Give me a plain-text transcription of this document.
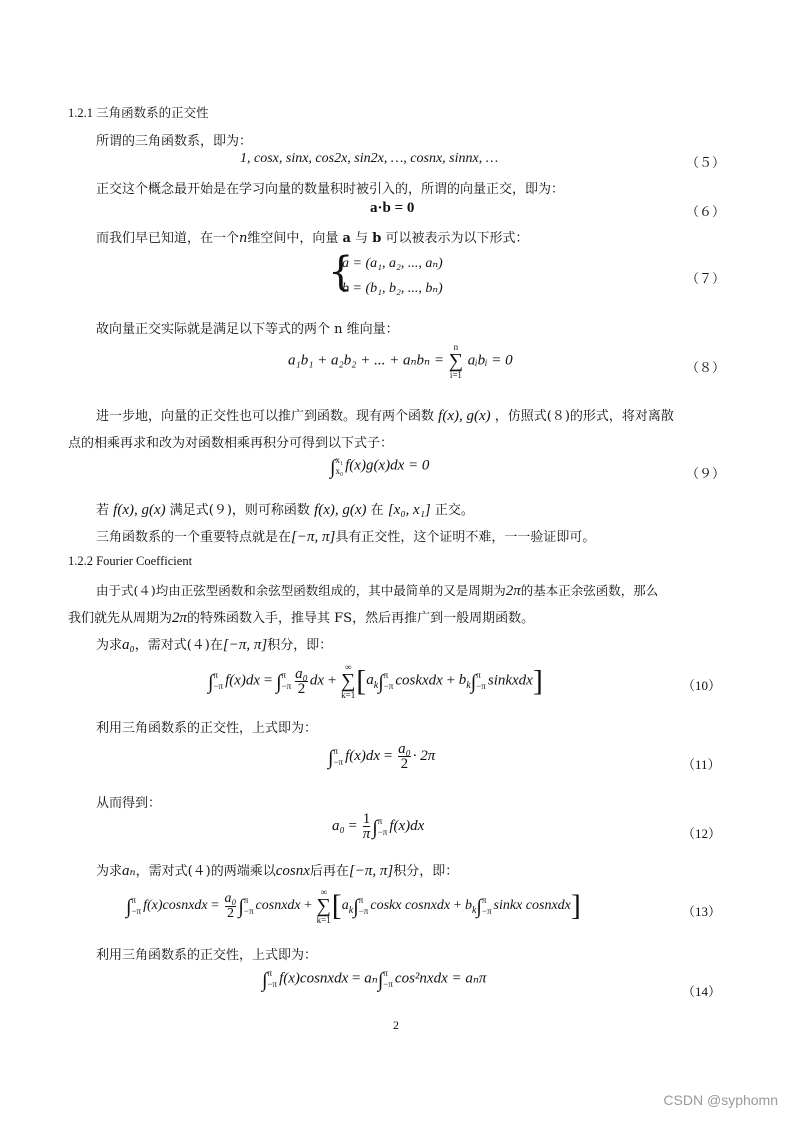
1.2.1 三角函数系的正交性
所谓的三角函数系，即为：
1, cosx, sinx, cos2x, sin2x, …, cosnx, sinnx, …	（５）
正交这个概念最开始是在学习向量的数量积时被引入的，所谓的向量正交，即为：
a·b = 0	（６）
而我们早已知道，在一个n维空间中，向量 a 与 b 可以被表示为以下形式：
{
a = (a₁, a₂, ..., aₙ)
b = (b₁, b₂, ..., bₙ)
（７）
故向量正交实际就是满足以下等式的两个 n 维向量：
a₁b₁ + a₂b₂ + ... + aₙbₙ =
n
∑
i=1
aᵢbᵢ = 0	（８）
进一步地，向量的正交性也可以推广到函数。现有两个函数 f(x), g(x) ，仿照式(８)的形式，将对离散
点的相乘再求和改为对函数相乘再积分可得到以下式子：
∫ x₁
x₀ f(x)g(x)dx = 0
（９）
若 f(x), g(x) 满足式(９)，则可称函数 f(x), g(x) 在 [x₀, x₁] 正交。
三角函数系的一个重要特点就是在[−π, π]具有正交性，这个证明不难，一一验证即可。
1.2.2 Fourier Coefficient
由于式(４)均由正弦型函数和余弦型函数组成的，其中最简单的又是周期为2π的基本正余弦函数，那么
我们就先从周期为2π的特殊函数入手，推导其 FS，然后再推广到一般周期函数。
为求a₀，需对式(４)在[−π, π]积分，即：
∫ π
−π f(x)dx = ∫ π
$-\pi \frac{\text{a₀}}{2}$ dx +
∞
∑
k=1 [$a_k\int$ π
−π coskxdx + $b_k\int$ π
−π sinkxdx]	（10）
利用三角函数系的正交性，上式即为：
∫ π
−π $f(x)dx = \frac{\text{a₀}}{2} \cdot 2\pi$
（11）
从而得到：
$a_0 = \frac{1}{\pi}$ ∫ π
−π f(x)dx	（12）
为求aₙ，需对式(４)的两端乘以cosnx后再在[−π, π]积分，即：
∫ π
−π f(x)cosnxdx = $\frac{\text{a₀}}{2}$ ∫ π
−π cosnxdx +
∞
∑
k=1 [$a_k\int$ π
−π coskx cosnxdx + $b_k\int$ π
−π sinkx cosnxdx]	（13）
利用三角函数系的正交性，上式即为：
∫ π
−π f(x)cosnxdx = aₙ∫ π
−π cos²nxdx = aₙπ
（14）
2
CSDN @syphomn
